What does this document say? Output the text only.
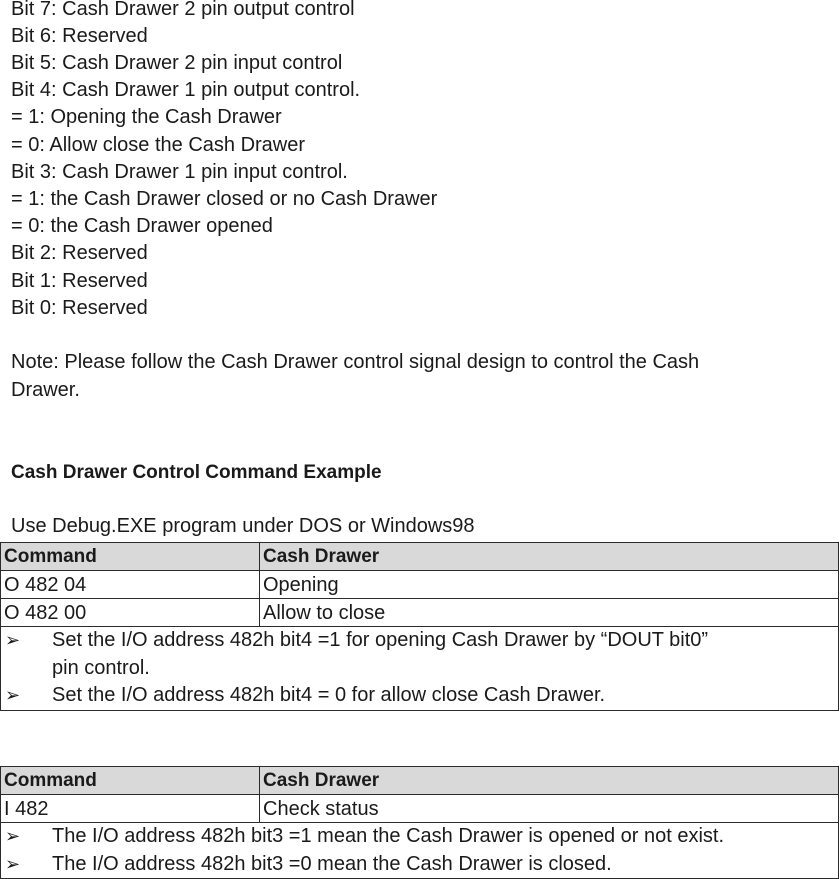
Bit 7: Cash Drawer 2 pin output control
Bit 6: Reserved
Bit 5: Cash Drawer 2 pin input control
Bit 4: Cash Drawer 1 pin output control.
= 1: Opening the Cash Drawer
= 0: Allow close the Cash Drawer
Bit 3: Cash Drawer 1 pin input control.
= 1: the Cash Drawer closed or no Cash Drawer
= 0: the Cash Drawer opened
Bit 2: Reserved
Bit 1: Reserved
Bit 0: Reserved
Note: Please follow the Cash Drawer control signal design to control the Cash
Drawer.
Cash Drawer Control Command Example
Use Debug.EXE program under DOS or Windows98
Command	Cash Drawer
O 482 04	Opening
O 482 00	Allow to close

➢ Set the I/O address 482h bit4 =1 for opening Cash Drawer by “DOUT bit0”
pin control.
➢ Set the I/O address 482h bit4 = 0 for allow close Cash Drawer.	
Command	Cash Drawer
I 482	Check status

➢ The I/O address 482h bit3 =1 mean the Cash Drawer is opened or not exist.
➢ The I/O address 482h bit3 =0 mean the Cash Drawer is closed.	
